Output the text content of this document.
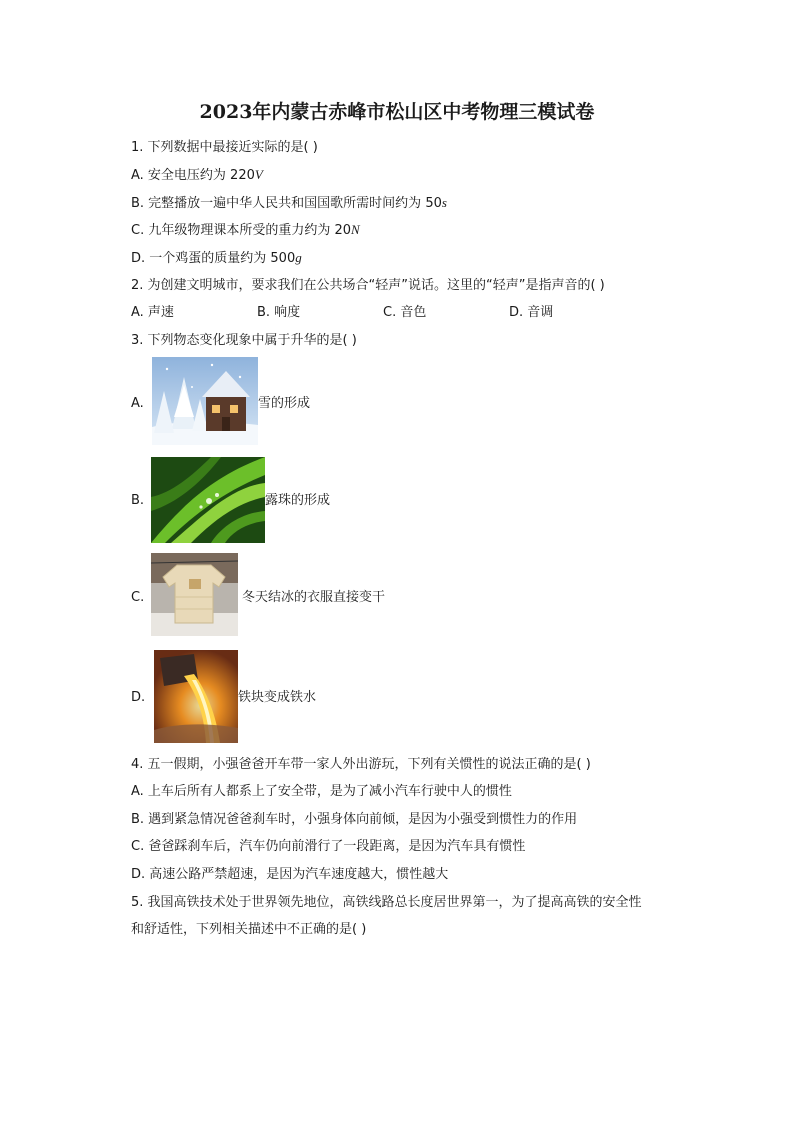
2023年内蒙古赤峰市松山区中考物理三模试卷
1. 下列数据中最接近实际的是( )
A. 安全电压约为 220V
B. 完整播放一遍中华人民共和国国歌所需时间约为 50s
C. 九年级物理课本所受的重力约为 20N
D. 一个鸡蛋的质量约为 500g
2. 为创建文明城市，要求我们在公共场合“轻声”说话。这里的“轻声”是指声音的( )
A. 声速	B. 响度	C. 音色	D. 音调
3. 下列物态变化现象中属于升华的是( )
A.	雪的形成
B.	露珠的形成
C.	冬天结冰的衣服直接变干
D.	铁块变成铁水
4. 五一假期，小强爸爸开车带一家人外出游玩，下列有关惯性的说法正确的是( )
A. 上车后所有人都系上了安全带，是为了减小汽车行驶中人的惯性
B. 遇到紧急情况爸爸刹车时，小强身体向前倾，是因为小强受到惯性力的作用
C. 爸爸踩刹车后，汽车仍向前滑行了一段距离，是因为汽车具有惯性
D. 高速公路严禁超速，是因为汽车速度越大，惯性越大
5. 我国高铁技术处于世界领先地位，高铁线路总长度居世界第一，为了提高高铁的安全性
和舒适性，下列相关描述中不正确的是( )
